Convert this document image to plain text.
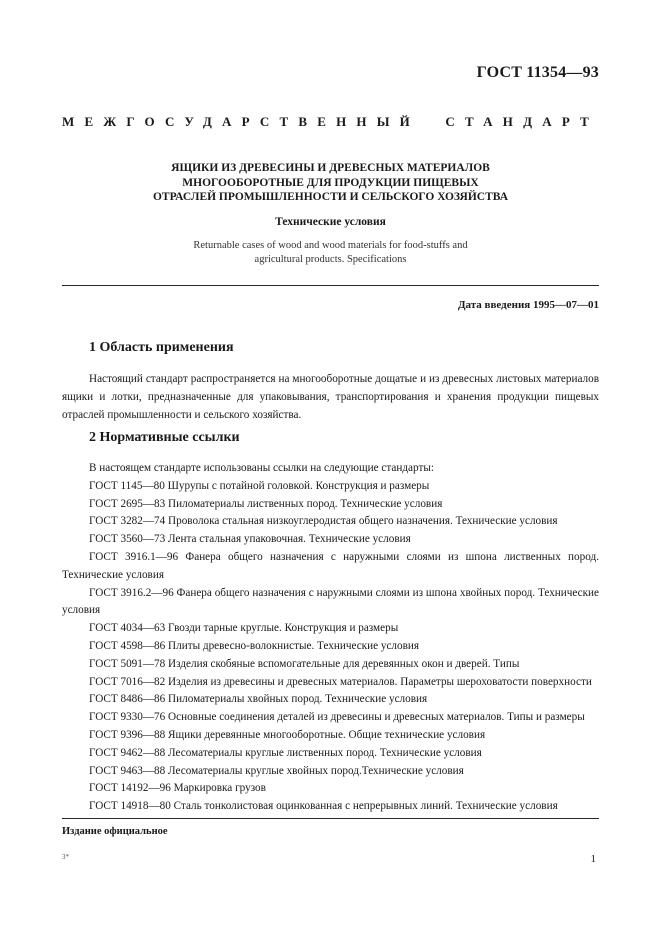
ГОСТ 11354—93
МЕЖГОСУДАРСТВЕННЫЙ СТАНДАРТ
ЯЩИКИ ИЗ ДРЕВЕСИНЫ И ДРЕВЕСНЫХ МАТЕРИАЛОВ
МНОГООБОРОТНЫЕ ДЛЯ ПРОДУКЦИИ ПИЩЕВЫХ
ОТРАСЛЕЙ ПРОМЫШЛЕННОСТИ И СЕЛЬСКОГО ХОЗЯЙСТВА
Технические условия
Returnable cases of wood and wood materials for food-stuffs and
agricultural products. Specifications
Дата введения 1995—07—01
1 Область применения
Настоящий стандарт распространяется на многооборотные дощатые и из древесных листовых материалов ящики и лотки, предназначенные для упаковывания, транспортирования и хранения продукции пищевых отраслей промышленности и сельского хозяйства.
2 Нормативные ссылки
В настоящем стандарте использованы ссылки на следующие стандарты:
ГОСТ 1145—80 Шурупы с потайной головкой. Конструкция и размеры
ГОСТ 2695—83 Пиломатериалы лиственных пород. Технические условия
ГОСТ 3282—74 Проволока стальная низкоуглеродистая общего назначения. Технические условия
ГОСТ 3560—73 Лента стальная упаковочная. Технические условия
ГОСТ 3916.1—96 Фанера общего назначения с наружными слоями из шпона лиственных пород. Технические условия
ГОСТ 3916.2—96 Фанера общего назначения с наружными слоями из шпона хвойных пород. Технические условия
ГОСТ 4034—63 Гвозди тарные круглые. Конструкция и размеры
ГОСТ 4598—86 Плиты древесно-волокнистые. Технические условия
ГОСТ 5091—78 Изделия скобяные вспомогательные для деревянных окон и дверей. Типы
ГОСТ 7016—82 Изделия из древесины и древесных материалов. Параметры шероховатости поверхности
ГОСТ 8486—86 Пиломатериалы хвойных пород. Технические условия
ГОСТ 9330—76 Основные соединения деталей из древесины и древесных материалов. Типы и размеры
ГОСТ 9396—88 Ящики деревянные многооборотные. Общие технические условия
ГОСТ 9462—88 Лесоматериалы круглые лиственных пород. Технические условия
ГОСТ 9463—88 Лесоматериалы круглые хвойных пород.Технические условия
ГОСТ 14192—96 Маркировка грузов
ГОСТ 14918—80 Сталь тонколистовая оцинкованная с непрерывных линий. Технические условия
Издание официальное
3*	1
